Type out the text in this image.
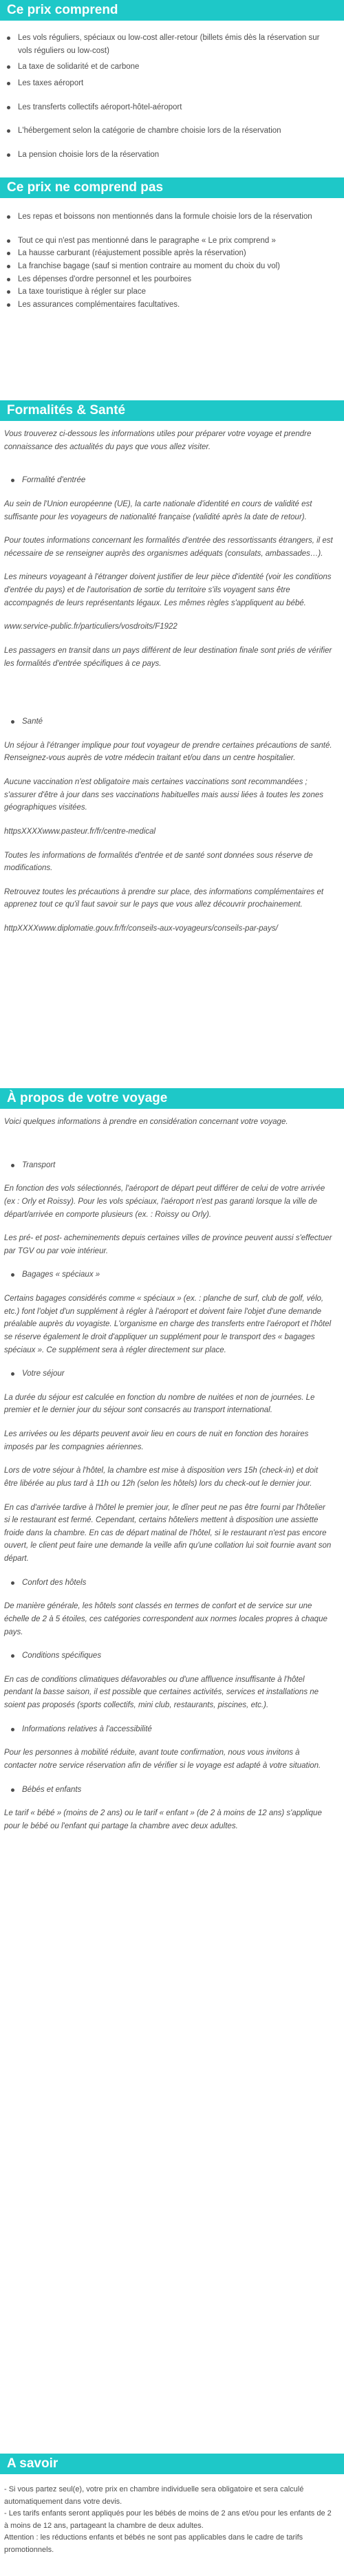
Ce prix comprend
Les vols réguliers, spéciaux ou low-cost aller-retour (billets émis dès la réservation sur vols réguliers ou low-cost)
La taxe de solidarité et de carbone
Les taxes aéroport
Les transferts collectifs aéroport-hôtel-aéroport
L'hébergement selon la catégorie de chambre choisie lors de la réservation
La pension choisie lors de la réservation
Ce prix ne comprend pas
Les repas et boissons non mentionnés dans la formule choisie lors de la réservation
Tout ce qui n'est pas mentionné dans le paragraphe « Le prix comprend »
La hausse carburant (réajustement possible après la réservation)
La franchise bagage (sauf si mention contraire au moment du choix du vol)
Les dépenses d'ordre personnel et les pourboires
La taxe touristique à régler sur place
Les assurances complémentaires facultatives.
Formalités & Santé

Vous trouverez ci-dessous les informations utiles pour préparer votre voyage et prendre connaissance des actualités du pays que vous allez visiter.

Formalité d'entrée

Au sein de l'Union européenne (UE), la carte nationale d'identité en cours de validité est suffisante pour les voyageurs de nationalité française (validité après la date de retour).

Pour toutes informations concernant les formalités d'entrée des ressortissants étrangers, il est nécessaire de se renseigner auprès des organismes adéquats (consulats, ambassades…).

Les mineurs voyageant à l'étranger doivent justifier de leur pièce d'identité (voir les conditions d'entrée du pays) et de l'autorisation de sortie du territoire s'ils voyagent sans être accompagnés de leurs représentants légaux. Les mêmes règles s'appliquent au bébé.

www.service-public.fr/particuliers/vosdroits/F1922

Les passagers en transit dans un pays différent de leur destination finale sont priés de vérifier les formalités d'entrée spécifiques à ce pays.

Santé

Un séjour à l'étranger implique pour tout voyageur de prendre certaines précautions de santé. Renseignez-vous auprès de votre médecin traitant et/ou dans un centre hospitalier.

Aucune vaccination n'est obligatoire mais certaines vaccinations sont recommandées ; s'assurer d'être à jour dans ses vaccinations habituelles mais aussi liées à toutes les zones géographiques visitées.

httpsXXXXwww.pasteur.fr/fr/centre-medical

Toutes les informations de formalités d'entrée et de santé sont données sous réserve de modifications.

Retrouvez toutes les précautions à prendre sur place, des informations complémentaires et apprenez tout ce qu'il faut savoir sur le pays que vous allez découvrir prochainement.

httpXXXXwww.diplomatie.gouv.fr/fr/conseils-aux-voyageurs/conseils-par-pays/

À propos de votre voyage

Voici quelques informations à prendre en considération concernant votre voyage.

Transport

En fonction des vols sélectionnés, l'aéroport de départ peut différer de celui de votre arrivée (ex : Orly et Roissy). Pour les vols spéciaux, l'aéroport n'est pas garanti lorsque la ville de départ/arrivée en comporte plusieurs (ex. : Roissy ou Orly).

Les pré- et post- acheminements depuis certaines villes de province peuvent aussi s'effectuer par TGV ou par voie intérieur.

Bagages « spéciaux »

Certains bagages considérés comme « spéciaux » (ex. : planche de surf, club de golf, vélo, etc.) font l'objet d'un supplément à régler à l'aéroport et doivent faire l'objet d'une demande préalable auprès du voyagiste. L'organisme en charge des transferts entre l'aéroport et l'hôtel se réserve également le droit d'appliquer un supplément pour le transport des « bagages spéciaux ». Ce supplément sera à régler directement sur place.

Votre séjour

La durée du séjour est calculée en fonction du nombre de nuitées et non de journées. Le premier et le dernier jour du séjour sont consacrés au transport international.

Les arrivées ou les départs peuvent avoir lieu en cours de nuit en fonction des horaires imposés par les compagnies aériennes.

Lors de votre séjour à l'hôtel, la chambre est mise à disposition vers 15h (check-in) et doit être libérée au plus tard à 11h ou 12h (selon les hôtels) lors du check-out le dernier jour.

En cas d'arrivée tardive à l'hôtel le premier jour, le dîner peut ne pas être fourni par l'hôtelier si le restaurant est fermé. Cependant, certains hôteliers mettent à disposition une assiette froide dans la chambre. En cas de départ matinal de l'hôtel, si le restaurant n'est pas encore ouvert, le client peut faire une demande la veille afin qu'une collation lui soit fournie avant son départ.

Confort des hôtels

De manière générale, les hôtels sont classés en termes de confort et de service sur une échelle de 2 à 5 étoiles, ces catégories correspondent aux normes locales propres à chaque pays.

Conditions spécifiques

En cas de conditions climatiques défavorables ou d'une affluence insuffisante à l'hôtel pendant la basse saison, il est possible que certaines activités, services et installations ne soient pas proposés (sports collectifs, mini club, restaurants, piscines, etc.).

Informations relatives à l'accessibilité

Pour les personnes à mobilité réduite, avant toute confirmation, nous vous invitons à contacter notre service réservation afin de vérifier si le voyage est adapté à votre situation.

Bébés et enfants

Le tarif « bébé » (moins de 2 ans) ou le tarif « enfant » (de 2 à moins de 12 ans) s'applique pour le bébé ou l'enfant qui partage la chambre avec deux adultes.

A savoir
- Si vous partez seul(e), votre prix en chambre individuelle sera obligatoire et sera calculé automatiquement dans votre devis.
- Les tarifs enfants seront appliqués pour les bébés de moins de 2 ans et/ou pour les enfants de 2 à moins de 12 ans, partageant la chambre de deux adultes.
Attention : les réductions enfants et bébés ne sont pas applicables dans le cadre de tarifs promotionnels.
